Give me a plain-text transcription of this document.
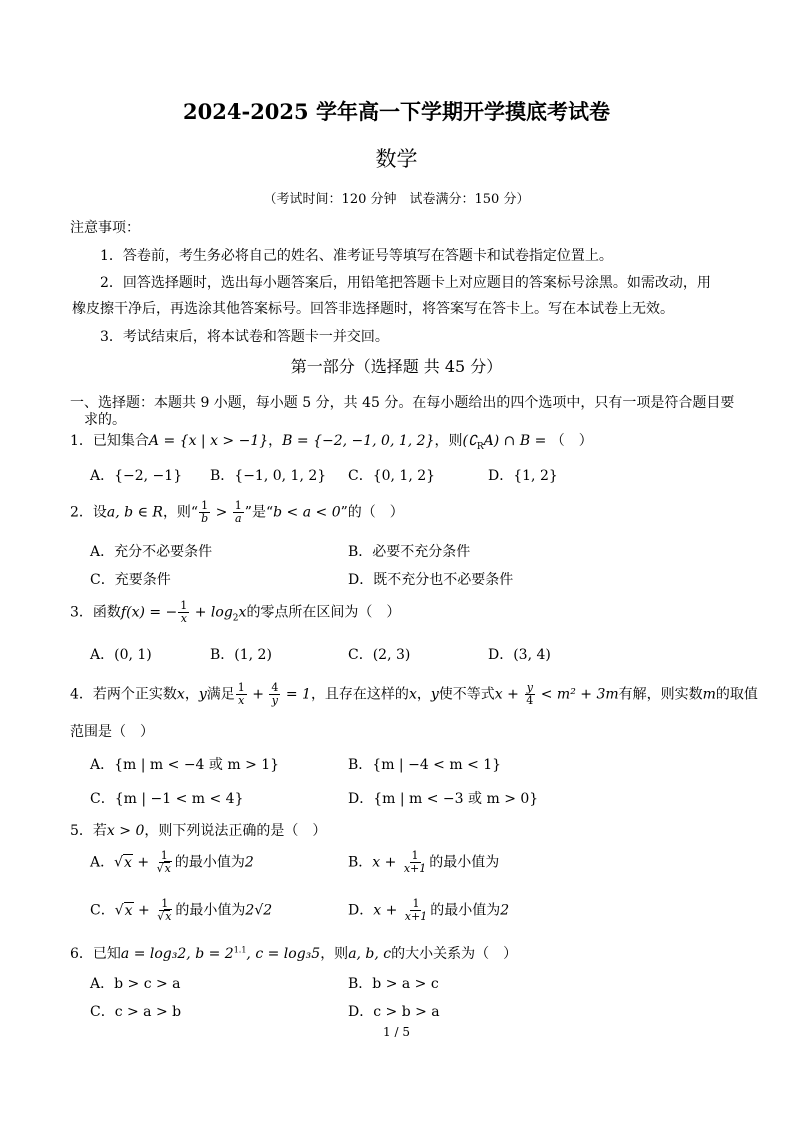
2024-2025 学年高一下学期开学摸底考试卷
数学
（考试时间：120 分钟　试卷满分：150 分）
注意事项：
1．答卷前，考生务必将自己的姓名、准考证号等填写在答题卡和试卷指定位置上。
2．回答选择题时，选出每小题答案后，用铅笔把答题卡上对应题目的答案标号涂黑。如需改动，用
橡皮擦干净后，再选涂其他答案标号。回答非选择题时，将答案写在答卡上。写在本试卷上无效。
3．考试结束后，将本试卷和答题卡一并交回。
第一部分（选择题 共 45 分）
一、选择题：本题共 9 小题，每小题 5 分，共 45 分。在每小题给出的四个选项中，只有一项是符合题目要
求的。
1．已知集合A = {x | x > −1}，B = {−2, −1, 0, 1, 2}，则$(∁_RA)$ ∩ B = （　）
A．{−2, −1} B．{−1, 0, 1, 2} C．{0, 1, 2}	D．{1, 2}
2．设a, b ∈ R，则“ $\frac{1}{b} > \frac{1}{a}$ ”是“b < a < 0”的（　）
A．充分不必要条件	B．必要不充分条件
C．充要条件	D．既不充分也不必要条件
3．函数f(x) = − $\frac{1}{x} + \log_2x$的零点所在区间为（　）
A．(0, 1)	B．(1, 2)	C．(2, 3)	D．(3, 4)
4．若两个正实数x，y满足 $\frac{1}{x} + \frac{4}{y} = 1$，且存在这样的x，y使不等式$x + \frac{y}{4} < m^2 + 3m$有解，则实数m的取值
范围是（　）
A．{m | m < −4 或 m > 1}	B．{m | −4 < m < 1}
C．{m | −1 < m < 4}	D．{m | m < −3 或 m > 0}
5．若x > 0，则下列说法正确的是（　）
A．$√x + \frac{1}{√x}$ 的最小值为2	B．$x + \frac{1}{x+1}$ 的最小值为
C．$√x + \frac{1}{√x}$ 的最小值为2√2	D．$x + \frac{1}{x+1}$ 的最小值为2
6．已知a = log₃2, $b = 2^{1.1}$, c = log₃5，则a, b, c的大小关系为（　）
A．b > c > a	B．b > a > c
C．c > a > b	D．c > b > a
1 / 5
